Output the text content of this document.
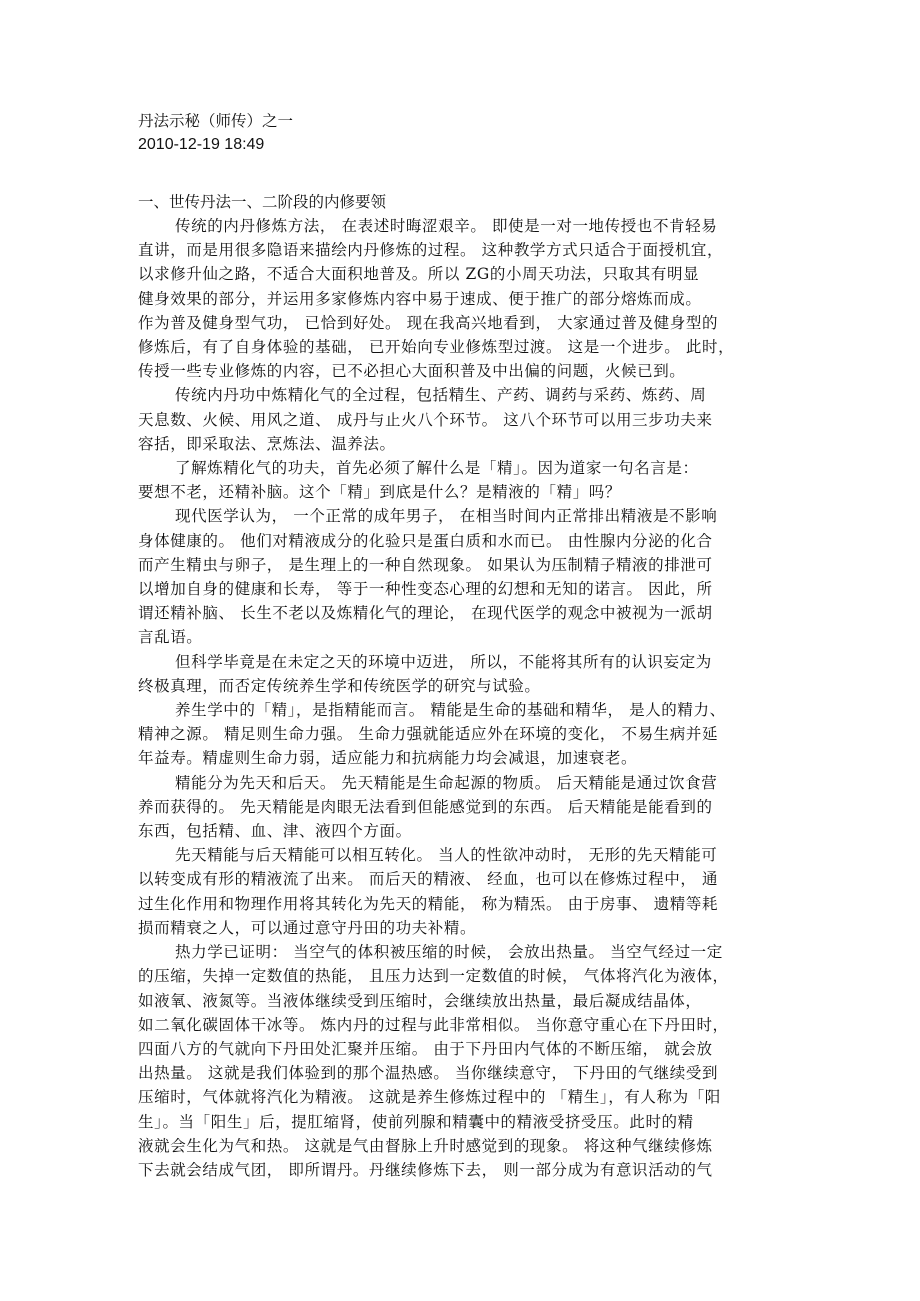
丹法示秘（师传）之一

2010-12-19 18:49

一、世传丹法一、二阶段的内修要领

传统的内丹修炼方法， 在表述时晦涩艰辛。 即使是一对一地传授也不肯轻易

直讲，而是用很多隐语来描绘内丹修炼的过程。 这种教学方式只适合于面授机宜，

以求修升仙之路，不适合大面积地普及。所以 ZG的小周天功法，只取其有明显

健身效果的部分，并运用多家修炼内容中易于速成、便于推广的部分熔炼而成。

作为普及健身型气功， 已恰到好处。 现在我高兴地看到， 大家通过普及健身型的

修炼后，有了自身体验的基础， 已开始向专业修炼型过渡。 这是一个进步。 此时，

传授一些专业修炼的内容，已不必担心大面积普及中出偏的问题，火候已到。

传统内丹功中炼精化气的全过程，包括精生、产药、调药与采药、炼药、周

天息数、火候、用风之道、 成丹与止火八个环节。 这八个环节可以用三步功夫来

容括，即采取法、烹炼法、温养法。

了解炼精化气的功夫，首先必须了解什么是「精」。因为道家一句名言是：

要想不老，还精补脑。这个「精」到底是什么？是精液的「精」吗？

现代医学认为， 一个正常的成年男子， 在相当时间内正常排出精液是不影响

身体健康的。 他们对精液成分的化验只是蛋白质和水而已。 由性腺内分泌的化合

而产生精虫与卵子， 是生理上的一种自然现象。 如果认为压制精子精液的排泄可

以增加自身的健康和长寿， 等于一种性变态心理的幻想和无知的诺言。 因此，所

谓还精补脑、 长生不老以及炼精化气的理论， 在现代医学的观念中被视为一派胡

言乱语。

但科学毕竟是在未定之天的环境中迈进， 所以，不能将其所有的认识妄定为

终极真理，而否定传统养生学和传统医学的研究与试验。

养生学中的「精」，是指精能而言。 精能是生命的基础和精华， 是人的精力、

精神之源。 精足则生命力强。 生命力强就能适应外在环境的变化， 不易生病并延

年益寿。精虚则生命力弱，适应能力和抗病能力均会减退，加速衰老。

精能分为先天和后天。 先天精能是生命起源的物质。 后天精能是通过饮食营

养而获得的。 先天精能是肉眼无法看到但能感觉到的东西。 后天精能是能看到的

东西，包括精、血、津、液四个方面。

先天精能与后天精能可以相互转化。 当人的性欲冲动时， 无形的先天精能可

以转变成有形的精液流了出来。 而后天的精液、 经血，也可以在修炼过程中， 通

过生化作用和物理作用将其转化为先天的精能， 称为精炁。 由于房事、 遗精等耗

损而精衰之人，可以通过意守丹田的功夫补精。

热力学已证明： 当空气的体积被压缩的时候， 会放出热量。 当空气经过一定

的压缩，失掉一定数值的热能， 且压力达到一定数值的时候， 气体将汽化为液体，

如液氧、液氮等。当液体继续受到压缩时，会继续放出热量，最后凝成结晶体，

如二氧化碳固体干冰等。 炼内丹的过程与此非常相似。 当你意守重心在下丹田时，

四面八方的气就向下丹田处汇聚并压缩。 由于下丹田内气体的不断压缩， 就会放

出热量。 这就是我们体验到的那个温热感。 当你继续意守， 下丹田的气继续受到

压缩时，气体就将汽化为精液。 这就是养生修炼过程中的 「精生」，有人称为「阳

生」。当「阳生」后，提肛缩肾，使前列腺和精囊中的精液受挤受压。此时的精

液就会生化为气和热。 这就是气由督脉上升时感觉到的现象。 将这种气继续修炼

下去就会结成气团， 即所谓丹。丹继续修炼下去， 则一部分成为有意识活动的气
